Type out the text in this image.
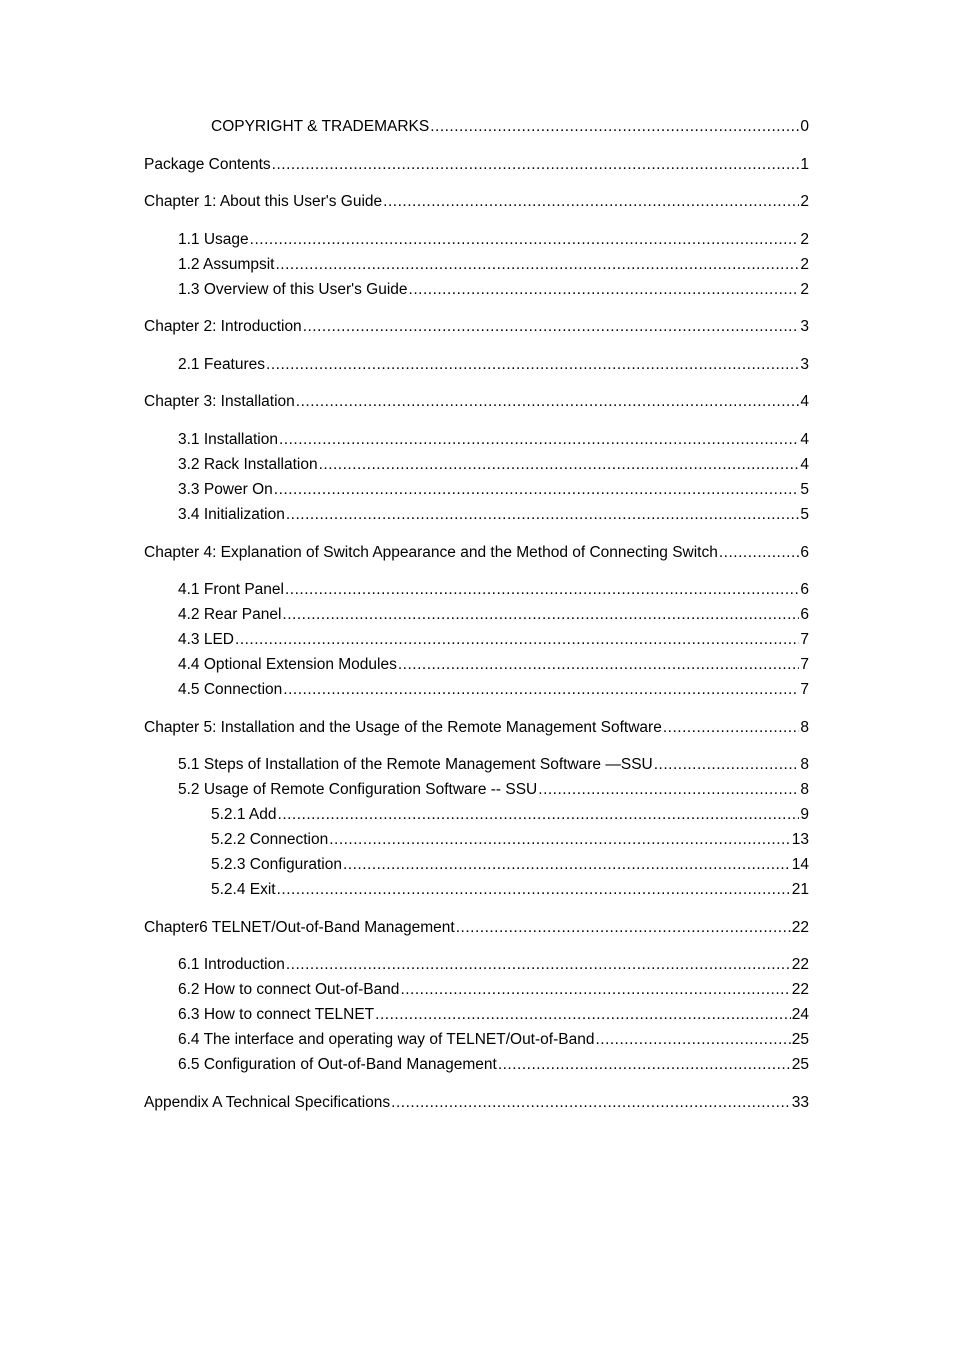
COPYRIGHT & TRADEMARKS .....	0
Package Contents .....	1
Chapter 1: About this User's Guide .....	2
1.1 Usage .....	2
1.2 Assumpsit .....	2
1.3 Overview of this User's Guide .....	2
Chapter 2: Introduction .....	3
2.1 Features .....	3
Chapter 3: Installation .....	4
3.1 Installation .....	4
3.2 Rack Installation .....	4
3.3 Power On .....	5
3.4 Initialization .....	5
Chapter 4: Explanation of Switch Appearance and the Method of Connecting Switch .....	6
4.1 Front Panel .....	6
4.2 Rear Panel .....	6
4.3 LED .....	7
4.4 Optional Extension Modules .....	7
4.5 Connection .....	7
Chapter 5: Installation and the Usage of the Remote Management Software .....	8
5.1 Steps of Installation of the Remote Management Software —SSU .....	8
5.2 Usage of Remote Configuration Software -- SSU .....	8
5.2.1 Add .....	9
5.2.2 Connection .....	13
5.2.3 Configuration .....	14
5.2.4 Exit .....	21
Chapter6 TELNET/Out-of-Band Management .....	22
6.1 Introduction .....	22
6.2 How to connect Out-of-Band .....	22
6.3 How to connect TELNET .....	24
6.4 The interface and operating way of TELNET/Out-of-Band .....	25
6.5 Configuration of Out-of-Band Management .....	25
Appendix A Technical Specifications .....	33
